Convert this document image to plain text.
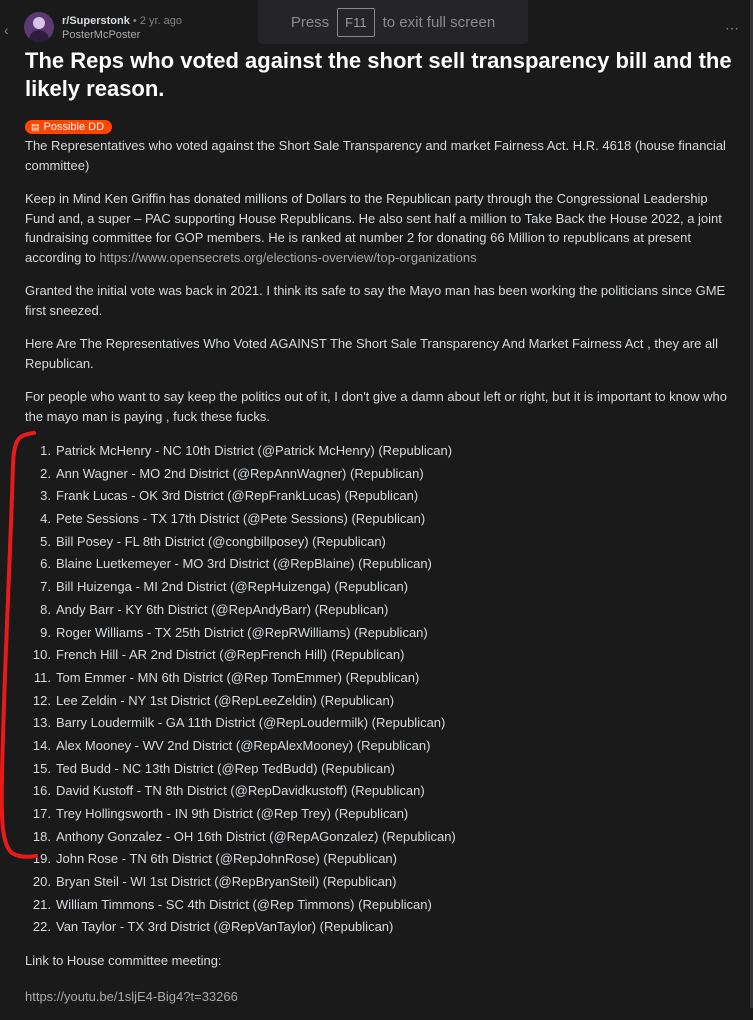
‹	⋯
r/Superstonk • 2 yr. ago
PosterMcPoster
Press	F11	to exit full screen
The Reps who voted against the short sell transparency bill and the likely reason.
▤ Possible DD

The Representatives who voted against the Short Sale Transparency and market Fairness Act. H.R. 4618 (house financial committee)

Keep in Mind Ken Griffin has donated millions of Dollars to the Republican party through the Congressional Leadership Fund and, a super – PAC supporting House Republicans. He also sent half a million to Take Back the House 2022, a joint fundraising committee for GOP members. He is ranked at number 2 for donating 66 Million to republicans at present according to https://www.opensecrets.org/elections-overview/top-organizations

Granted the initial vote was back in 2021. I think its safe to say the Mayo man has been working the politicians since GME first sneezed.

Here Are The Representatives Who Voted AGAINST The Short Sale Transparency And Market Fairness Act , they are all Republican.

For people who want to say keep the politics out of it, I don't give a damn about left or right, but it is important to know who the mayo man is paying , fuck these fucks.

1. Patrick McHenry - NC 10th District (@Patrick McHenry) (Republican)
2. Ann Wagner - MO 2nd District (@RepAnnWagner) (Republican)
3. Frank Lucas - OK 3rd District (@RepFrankLucas) (Republican)
4. Pete Sessions - TX 17th District (@Pete Sessions) (Republican)
5. Bill Posey - FL 8th District (@congbillposey) (Republican)
6. Blaine Luetkemeyer - MO 3rd District (@RepBlaine) (Republican)
7. Bill Huizenga - MI 2nd District (@RepHuizenga) (Republican)
8. Andy Barr - KY 6th District (@RepAndyBarr) (Republican)
9. Roger Williams - TX 25th District (@RepRWilliams) (Republican)
10. French Hill - AR 2nd District (@RepFrench Hill) (Republican)
11. Tom Emmer - MN 6th District (@Rep TomEmmer) (Republican)
12. Lee Zeldin - NY 1st District (@RepLeeZeldin) (Republican)
13. Barry Loudermilk - GA 11th District (@RepLoudermilk) (Republican)
14. Alex Mooney - WV 2nd District (@RepAlexMooney) (Republican)
15. Ted Budd - NC 13th District (@Rep TedBudd) (Republican)
16. David Kustoff - TN 8th District (@RepDavidkustoff) (Republican)
17. Trey Hollingsworth - IN 9th District (@Rep Trey) (Republican)
18. Anthony Gonzalez - OH 16th District (@RepAGonzalez) (Republican)
19. John Rose - TN 6th District (@RepJohnRose) (Republican)
20. Bryan Steil - WI 1st District (@RepBryanSteil) (Republican)
21. William Timmons - SC 4th District (@Rep Timmons) (Republican)
22. Van Taylor - TX 3rd District (@RepVanTaylor) (Republican)

Link to House committee meeting:

https://youtu.be/1sljE4-Big4?t=33266
